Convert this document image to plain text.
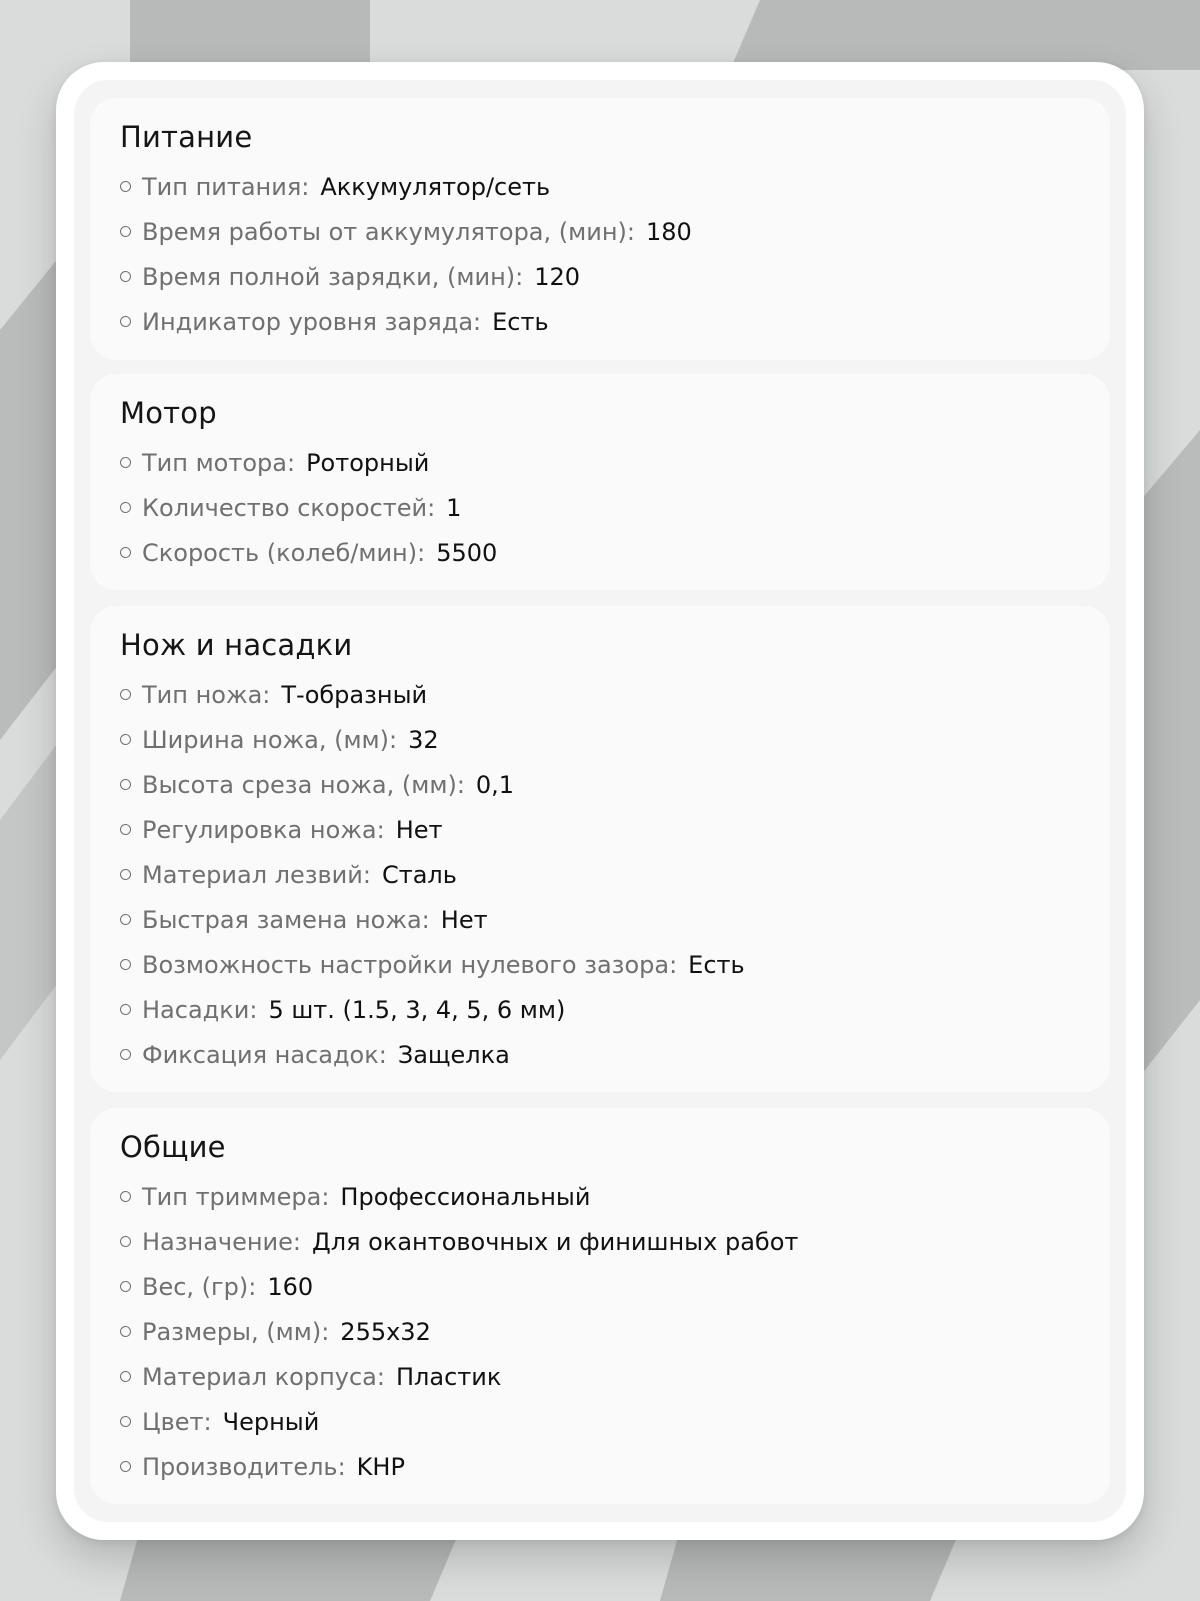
Питание
Тип питания : Аккумулятор/сеть
Время работы от аккумулятора, (мин) : 180
Время полной зарядки, (мин) : 120
Индикатор уровня заряда : Есть
Мотор
Тип мотора : Роторный
Количество скоростей : 1
Скорость (колеб/мин) : 5500
Нож и насадки
Тип ножа : Т-образный
Ширина ножа, (мм) : 32
Высота среза ножа, (мм) : 0,1
Регулировка ножа : Нет
Материал лезвий : Сталь
Быстрая замена ножа : Нет
Возможность настройки нулевого зазора : Есть
Насадки : 5 шт. (1.5, 3, 4, 5, 6 мм)
Фиксация насадок : Защелка
Общие
Тип триммера : Профессиональный
Назначение : Для окантовочных и финишных работ
Вес, (гр) : 160
Размеры, (мм) : 255x32
Материал корпуса : Пластик
Цвет : Черный
Производитель : KHP
